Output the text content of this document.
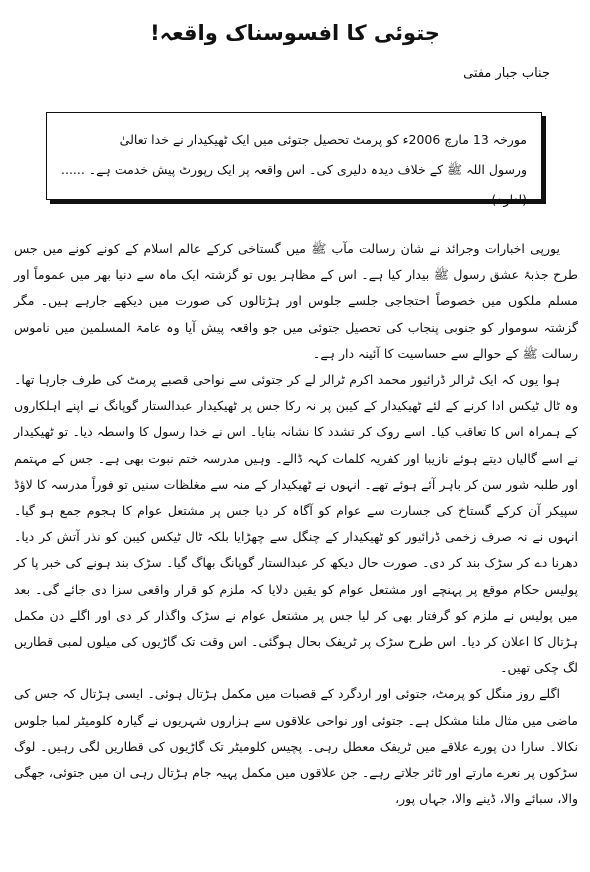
جتوئی کا افسوسناک واقعہ!
جناب جبار مفتی

مورخہ 13 مارچ 2006ء کو پرمٹ تحصیل جتوئی میں ایک ٹھیکیدار نے خدا تعالیٰ

ورسول اللہ ﷺ کے خلاف دیدہ دلیری کی۔ اس واقعہ پر ایک رپورٹ پیش خدمت ہے۔ ...... (ادارہ)

یورپی اخبارات وجرائد نے شان رسالت مآب ﷺ میں گستاخی کرکے عالم اسلام کے کونے کونے میں جس طرح جذبۂ عشق رسول ﷺ بیدار کیا ہے۔ اس کے مظاہر یوں تو گزشتہ ایک ماہ سے دنیا بھر میں عموماً اور مسلم ملکوں میں خصوصاً احتجاجی جلسے جلوس اور ہڑتالوں کی صورت میں دیکھے جارہے ہیں۔ مگر گزشتہ سوموار کو جنوبی پنجاب کی تحصیل جتوئی میں جو واقعہ پیش آیا وہ عامۃ المسلمین میں ناموس رسالت ﷺ کے حوالے سے حساسیت کا آئینہ دار ہے۔

ہوا یوں کہ ایک ٹرالر ڈرائیور محمد اکرم ٹرالر لے کر جتوئی سے نواحی قصبے پرمٹ کی طرف جارہا تھا۔ وہ ٹال ٹیکس ادا کرنے کے لئے ٹھیکیدار کے کیبن پر نہ رکا جس پر ٹھیکیدار عبدالستار گوپانگ نے اپنے اہلکاروں کے ہمراہ اس کا تعاقب کیا۔ اسے روک کر تشدد کا نشانہ بنایا۔ اس نے خدا رسول کا واسطہ دیا۔ تو ٹھیکیدار نے اسے گالیاں دیتے ہوئے نازیبا اور کفریہ کلمات کہہ ڈالے۔ وہیں مدرسہ ختم نبوت بھی ہے۔ جس کے مہتمم اور طلبہ شور سن کر باہر آئے ہوئے تھے۔ انہوں نے ٹھیکیدار کے منہ سے مغلظات سنیں تو فوراً مدرسہ کا لاؤڈ سپیکر آن کرکے گستاخ کی جسارت سے عوام کو آگاہ کر دیا جس پر مشتعل عوام کا ہجوم جمع ہو گیا۔ انہوں نے نہ صرف زخمی ڈرائیور کو ٹھیکیدار کے چنگل سے چھڑایا بلکہ ٹال ٹیکس کیبن کو نذر آتش کر دیا۔ دھرنا دے کر سڑک بند کر دی۔ صورت حال دیکھ کر عبدالستار گوپانگ بھاگ گیا۔ سڑک بند ہونے کی خبر پا کر پولیس حکام موقع پر پہنچے اور مشتعل عوام کو یقین دلایا کہ ملزم کو قرار واقعی سزا دی جائے گی۔ بعد میں پولیس نے ملزم کو گرفتار بھی کر لیا جس پر مشتعل عوام نے سڑک واگذار کر دی اور اگلے دن مکمل ہڑتال کا اعلان کر دیا۔ اس طرح سڑک پر ٹریفک بحال ہوگئی۔ اس وقت تک گاڑیوں کی میلوں لمبی قطاریں لگ چکی تھیں۔

اگلے روز منگل کو پرمٹ، جتوئی اور اردگرد کے قصبات میں مکمل ہڑتال ہوئی۔ ایسی ہڑتال کہ جس کی ماضی میں مثال ملنا مشکل ہے۔ جتوئی اور نواحی علاقوں سے ہزاروں شہریوں نے گیارہ کلومیٹر لمبا جلوس نکالا۔ سارا دن پورے علاقے میں ٹریفک معطل رہی۔ پچیس کلومیٹر تک گاڑیوں کی قطاریں لگی رہیں۔ لوگ سڑکوں پر نعرے مارتے اور ٹائر جلاتے رہے۔ جن علاقوں میں مکمل پہیہ جام ہڑتال رہی ان میں جتوئی، جھگی والا، سبائے والا، ڈینے والا، جہاں پور،
